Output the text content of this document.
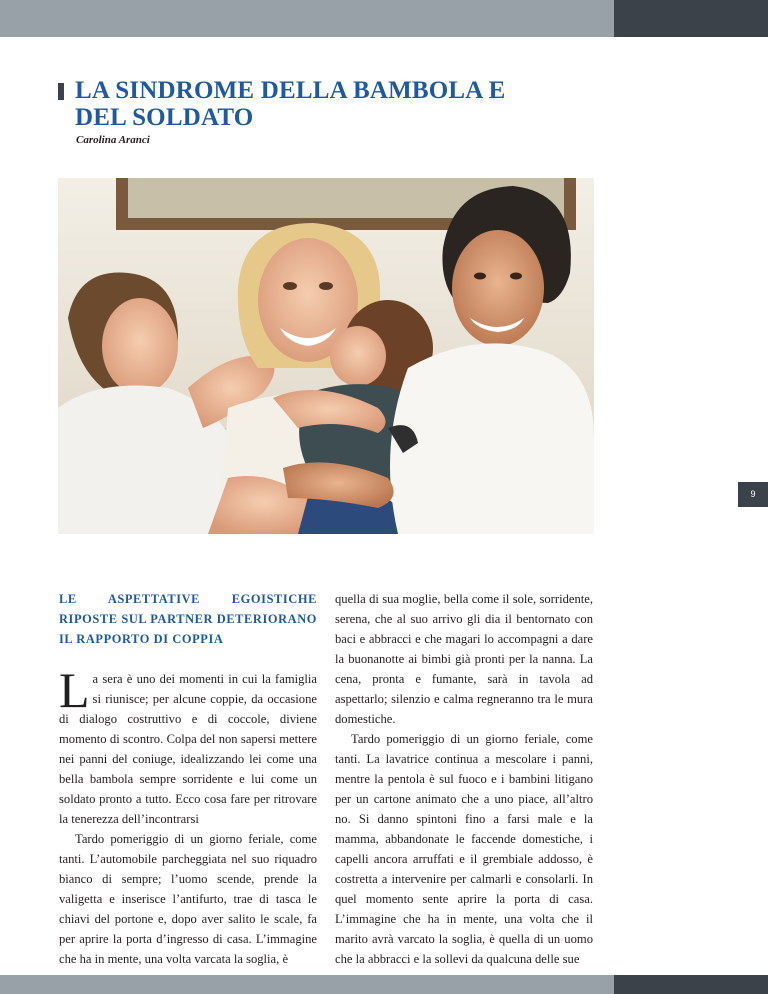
LA SINDROME DELLA BAMBOLA E DEL SOLDATO
Carolina Aranci
9
LE ASPETTATIVE EGOISTICHE RIPOSTE SUL PARTNER DETERIORANO IL RAPPORTO DI COPPIA

La sera è uno dei momenti in cui la famiglia si riunisce; per alcune coppie, da occasione di dialogo costruttivo e di coccole, diviene momento di scontro. Colpa del non sapersi mettere nei panni del coniuge, idealizzando lei come una bella bambola sempre sorridente e lui come un soldato pronto a tutto. Ecco cosa fare per ritrovare la tenerezza dell’incontrarsi

Tardo pomeriggio di un giorno feriale, come tanti. L’automobile parcheggiata nel suo riquadro bianco di sempre; l’uomo scende, prende la valigetta e inserisce l’antifurto, trae di tasca le chiavi del portone e, dopo aver salito le scale, fa per aprire la porta d’ingresso di casa. L’immagine che ha in mente, una volta varcata la soglia, è

quella di sua moglie, bella come il sole, sorridente, serena, che al suo arrivo gli dia il bentornato con baci e abbracci e che magari lo accompagni a dare la buonanotte ai bimbi già pronti per la nanna. La cena, pronta e fumante, sarà in tavola ad aspettarlo; silenzio e calma regneranno tra le mura domestiche.

Tardo pomeriggio di un giorno feriale, come tanti. La lavatrice continua a mescolare i panni, mentre la pentola è sul fuoco e i bambini litigano per un cartone animato che a uno piace, all’altro no. Si danno spintoni fino a farsi male e la mamma, abbandonate le faccende domestiche, i capelli ancora arruffati e il grembiale addosso, è costretta a intervenire per calmarli e consolarli. In quel momento sente aprire la porta di casa. L’immagine che ha in mente, una volta che il marito avrà varcato la soglia, è quella di un uomo che la abbracci e la sollevi da qualcuna delle sue
